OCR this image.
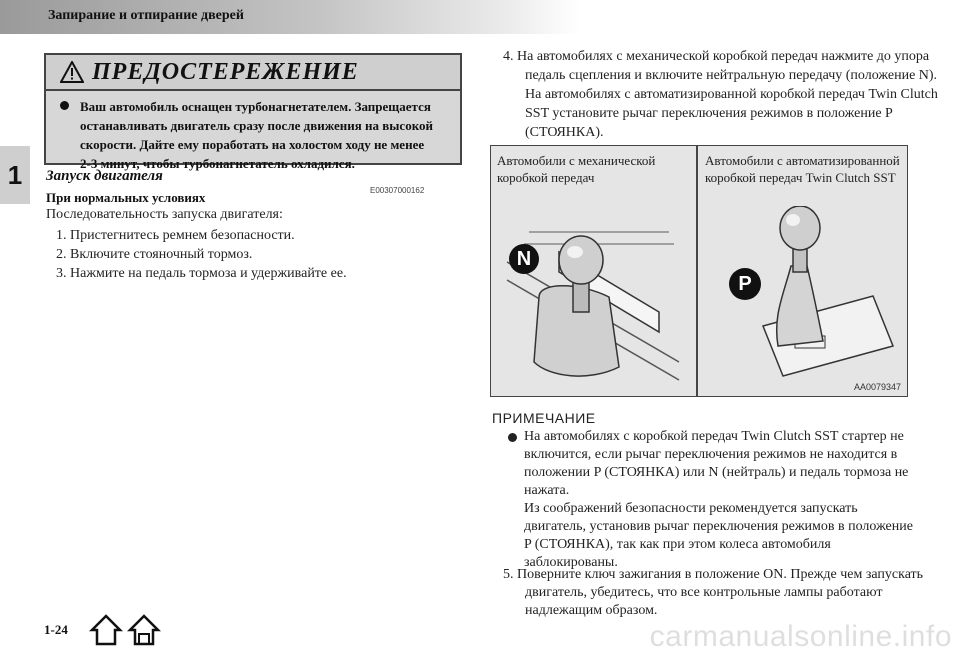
Запирание и отпирание дверей
1
ПРЕДОСТЕРЕЖЕНИЕ
Ваш автомобиль оснащен турбонагнетателем. Запрещается
останавливать двигатель сразу после движения на высокой
скорости. Дайте ему поработать на холостом ходу не менее
2-3 минут, чтобы турбонагнетатель охладился.
Запуск двигателя
E00307000162
При нормальных условиях
Последовательность запуска двигателя:
1. Пристегнитесь ремнем безопасности.
2. Включите стояночный тормоз.
3. Нажмите на педаль тормоза и удерживайте ее.
4. На автомобилях с механической коробкой передач нажмите до упора педаль сцепления и включите нейтральную передачу (положение N). На автомобилях с автоматизированной коробкой передач Twin Clutch SST установите рычаг переключения режимов в положение P (СТОЯНКА).
Автомобили с механической коробкой передач
Автомобили с автоматизированной коробкой передач Twin Clutch SST
N
P
AA0079347
ПРИМЕЧАНИЕ

На автомобилях с коробкой передач Twin Clutch SST стартер не включится, если рычаг переключения режимов не находится в положении P (СТОЯНКА) или N (нейтраль) и педаль тормоза не нажата.

Из соображений безопасности рекомендуется запускать двигатель, установив рычаг переключения режимов в положение P (СТОЯНКА), так как при этом колеса автомобиля заблокированы.

5. Поверните ключ зажигания в положение ON. Прежде чем запускать двигатель, убедитесь, что все контрольные лампы работают надлежащим образом.
1-24	carmanualsonline.info
